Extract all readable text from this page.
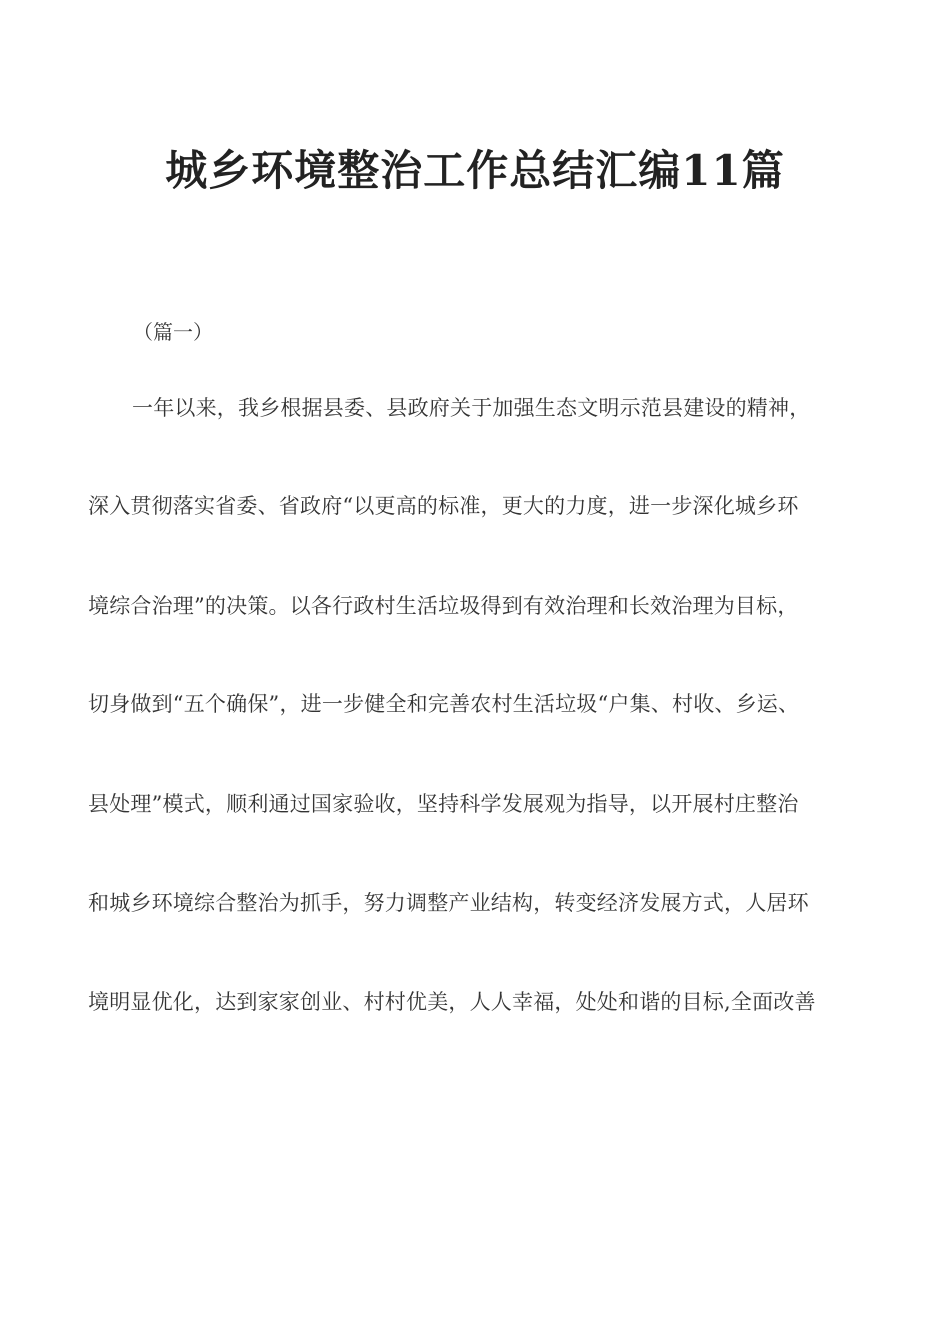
城乡环境整治工作总结汇编11篇
（篇一）
一年以来，我乡根据县委、县政府关于加强生态文明示范县建设的精神，
深入贯彻落实省委、省政府“以更高的标准，更大的力度，进一步深化城乡环
境综合治理”的决策。以各行政村生活垃圾得到有效治理和长效治理为目标，
切身做到“五个确保”，进一步健全和完善农村生活垃圾“户集、村收、乡运、
县处理”模式，顺利通过国家验收，坚持科学发展观为指导，以开展村庄整治
和城乡环境综合整治为抓手，努力调整产业结构，转变经济发展方式，人居环
境明显优化，达到家家创业、村村优美，人人幸福，处处和谐的目标,全面改善
